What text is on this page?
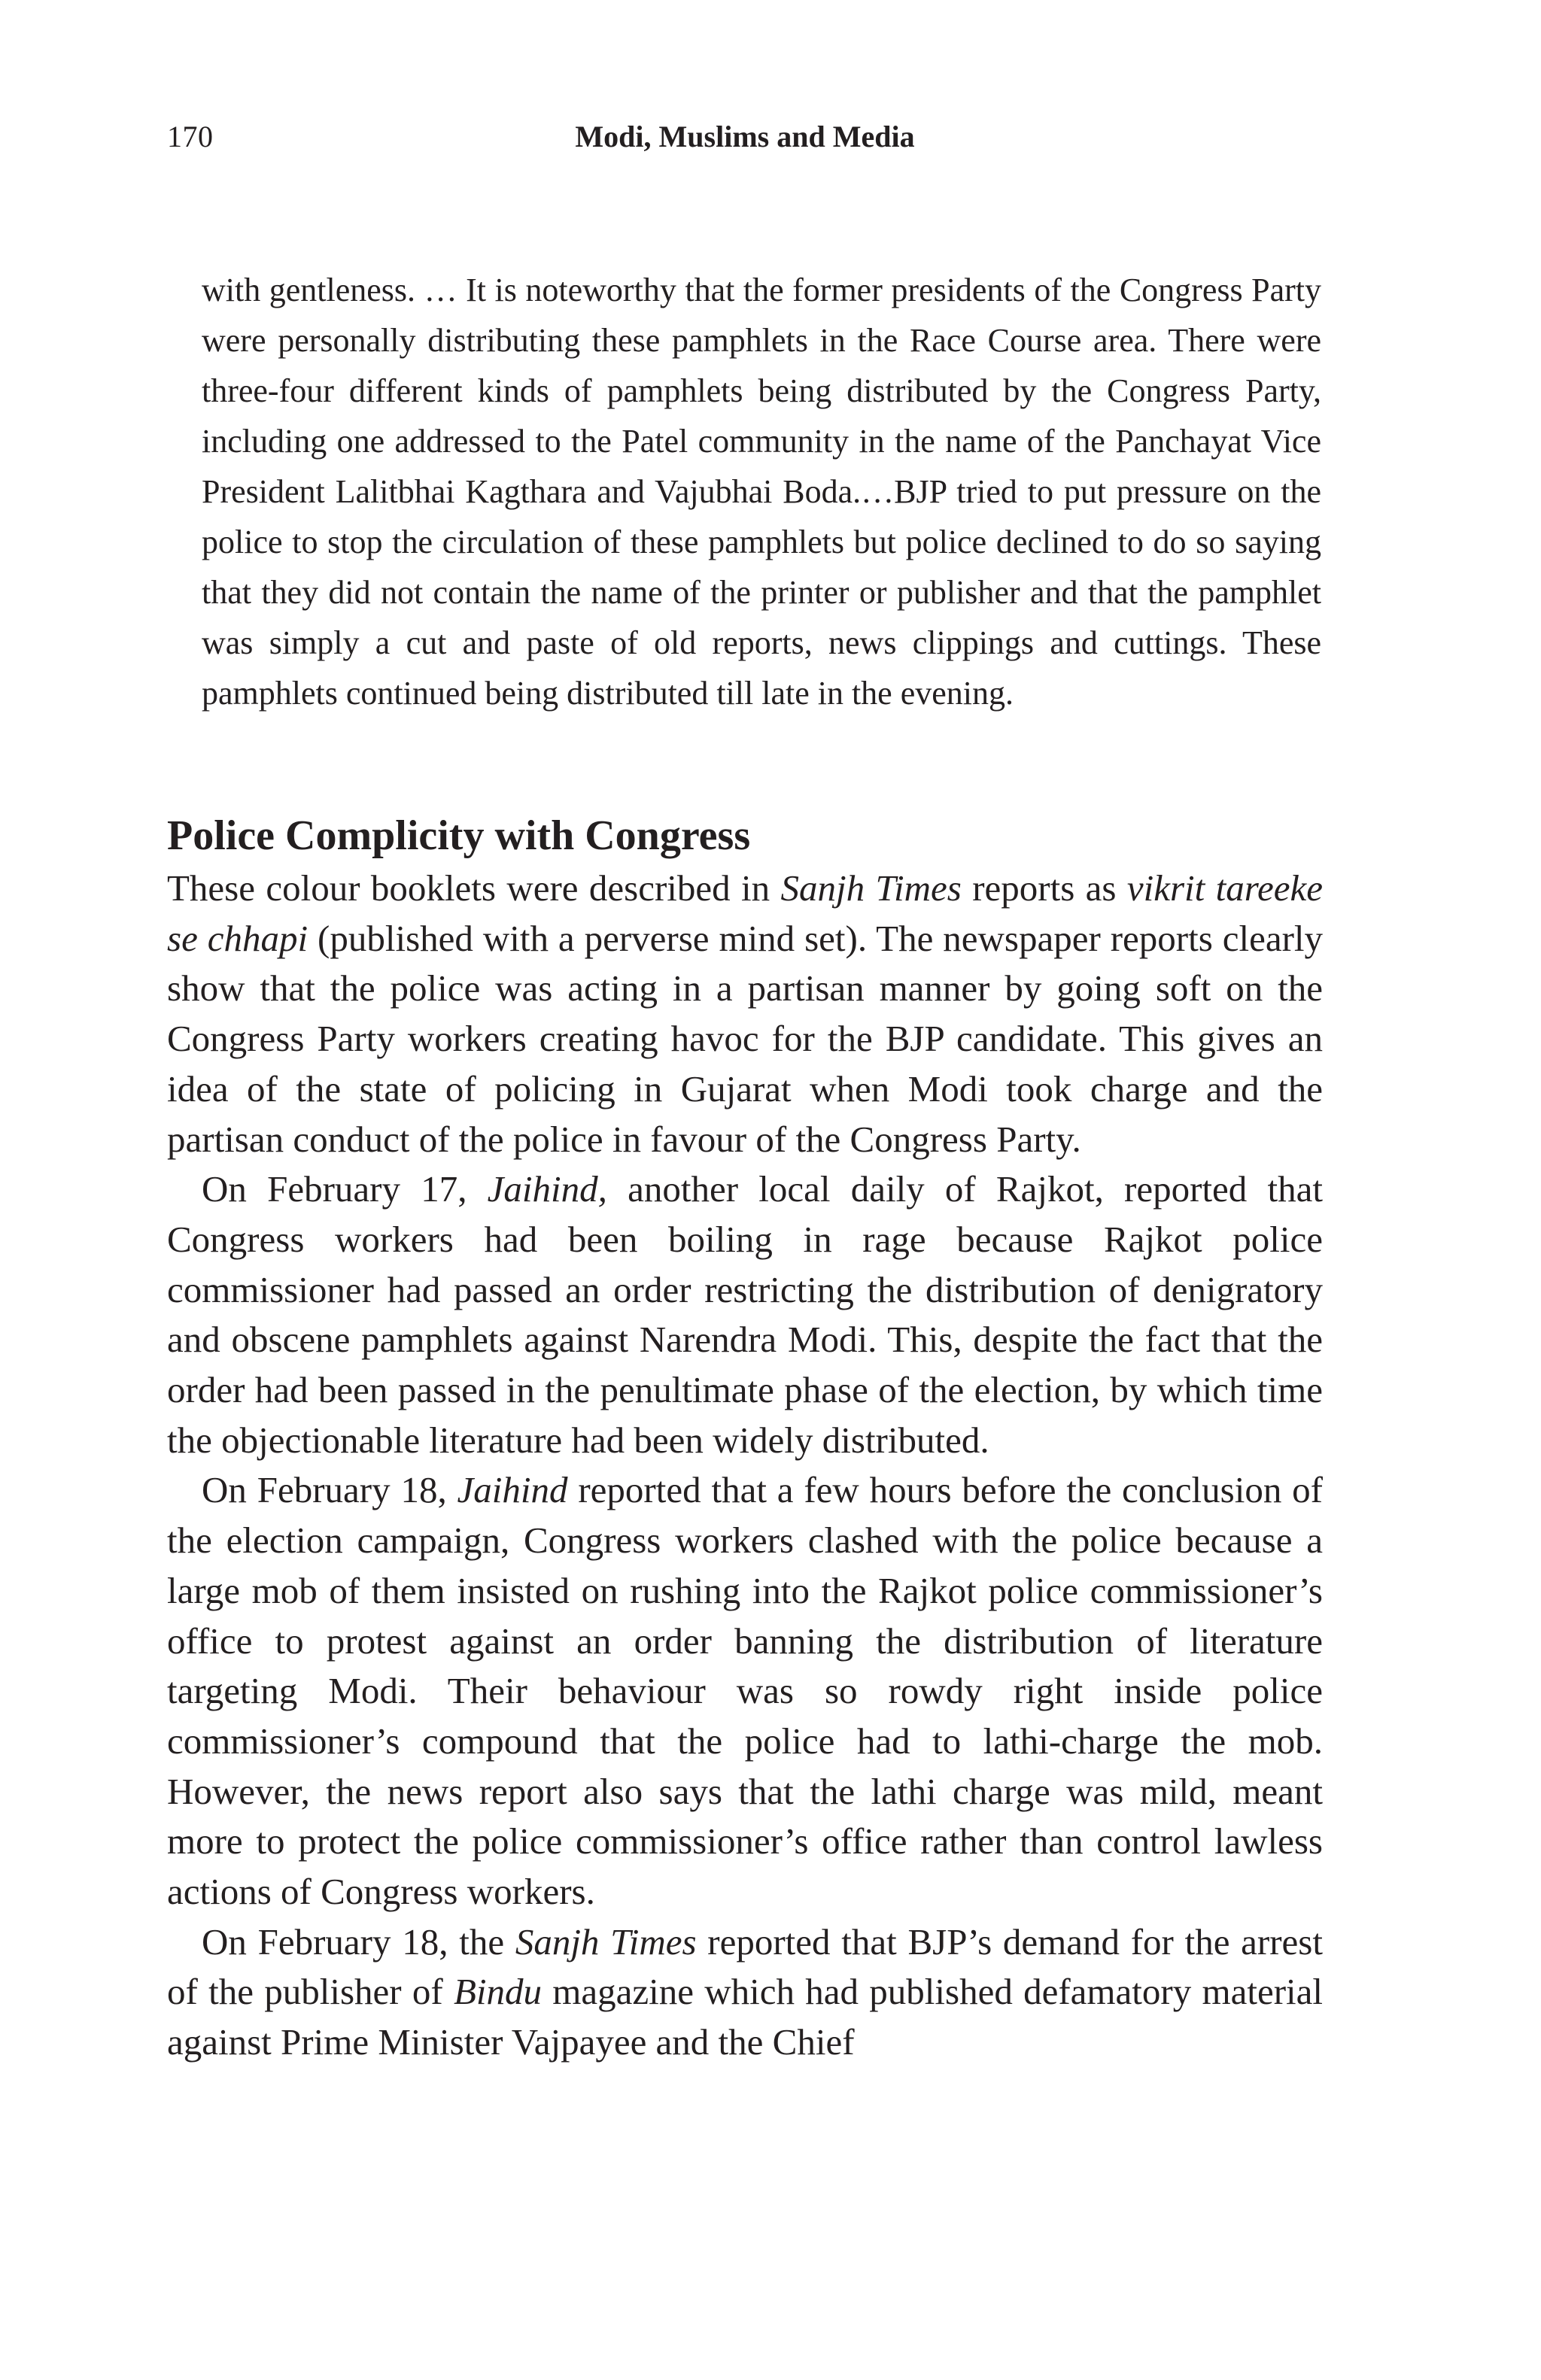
170	Modi, Muslims and Media
with gentleness. … It is noteworthy that the former presidents of the Congress Party were personally distributing these pamphlets in the Race Course area. There were three-four different kinds of pamphlets being distributed by the Congress Party, including one addressed to the Patel community in the name of the Panchayat Vice President Lalitbhai Kagthara and Vajubhai Boda.…BJP tried to put pressure on the police to stop the circulation of these pamphlets but police declined to do so saying that they did not contain the name of the printer or publisher and that the pamphlet was simply a cut and paste of old reports, news clippings and cuttings. These pamphlets continued being distributed till late in the evening.
Police Complicity with Congress

These colour booklets were described in Sanjh Times reports as vikrit tareeke se chhapi (published with a perverse mind set). The newspaper reports clearly show that the police was acting in a partisan manner by going soft on the Congress Party workers creating havoc for the BJP candidate. This gives an idea of the state of policing in Gujarat when Modi took charge and the partisan conduct of the police in favour of the Congress Party.

On February 17, Jaihind, another local daily of Rajkot, reported that Congress workers had been boiling in rage because Rajkot police commissioner had passed an order restricting the distribution of denigratory and obscene pamphlets against Narendra Modi. This, despite the fact that the order had been passed in the penultimate phase of the election, by which time the objectionable literature had been widely distributed.

On February 18, Jaihind reported that a few hours before the conclusion of the election campaign, Congress workers clashed with the police because a large mob of them insisted on rushing into the Rajkot police commissioner’s office to protest against an order banning the distribution of literature targeting Modi. Their behaviour was so rowdy right inside police commissioner’s compound that the police had to lathi-charge the mob. However, the news report also says that the lathi charge was mild, meant more to protect the police commissioner’s office rather than control lawless actions of Congress workers.

On February 18, the Sanjh Times reported that BJP’s demand for the arrest of the publisher of Bindu magazine which had published defamatory material against Prime Minister Vajpayee and the Chief
